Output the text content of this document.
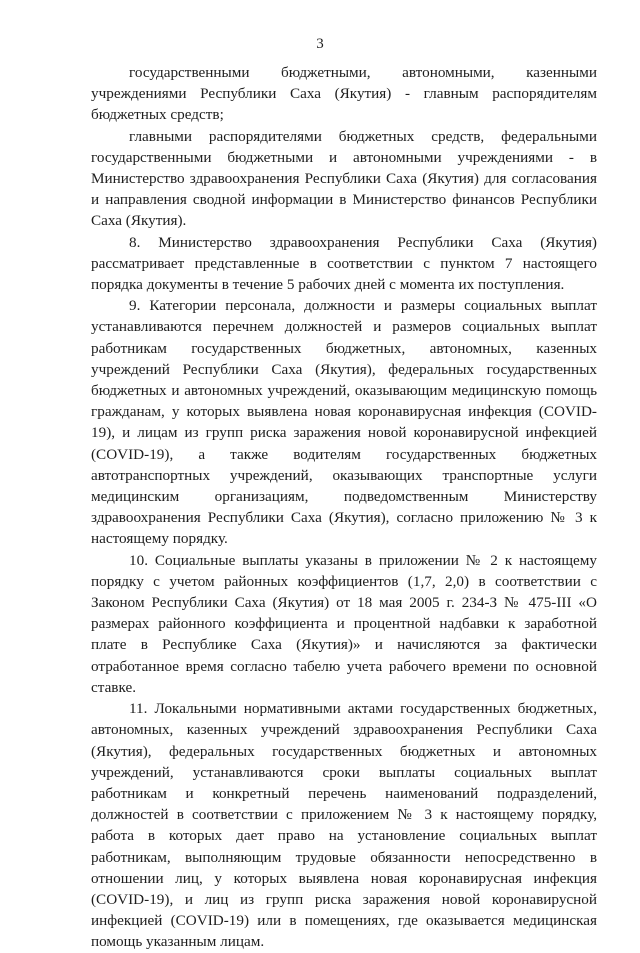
3

государственными бюджетными, автономными, казенными учреждениями Республики Саха (Якутия) - главным распорядителям бюджетных средств;

главными распорядителями бюджетных средств, федеральными государственными бюджетными и автономными учреждениями - в Министерство здравоохранения Республики Саха (Якутия) для согласования и направления сводной информации в Министерство финансов Республики Саха (Якутия).

8. Министерство здравоохранения Республики Саха (Якутия) рассматривает представленные в соответствии с пунктом 7 настоящего порядка документы в течение 5 рабочих дней с момента их поступления.

9. Категории персонала, должности и размеры социальных выплат устанавливаются перечнем должностей и размеров социальных выплат работникам государственных бюджетных, автономных, казенных учреждений Республики Саха (Якутия), федеральных государственных бюджетных и автономных учреждений, оказывающим медицинскую помощь гражданам, у которых выявлена новая коронавирусная инфекция (COVID-19), и лицам из групп риска заражения новой коронавирусной инфекцией (COVID-19), а также водителям государственных бюджетных автотранспортных учреждений, оказывающих транспортные услуги медицинским организациям, подведомственным Министерству здравоохранения Республики Саха (Якутия), согласно приложению № 3 к настоящему порядку.

10. Социальные выплаты указаны в приложении № 2 к настоящему порядку с учетом районных коэффициентов (1,7, 2,0) в соответствии с Законом Республики Саха (Якутия) от 18 мая 2005 г. 234-З № 475-III «О размерах районного коэффициента и процентной надбавки к заработной плате в Республике Саха (Якутия)» и начисляются за фактически отработанное время согласно табелю учета рабочего времени по основной ставке.

11. Локальными нормативными актами государственных бюджетных, автономных, казенных учреждений здравоохранения Республики Саха (Якутия), федеральных государственных бюджетных и автономных учреждений, устанавливаются сроки выплаты социальных выплат работникам и конкретный перечень наименований подразделений, должностей в соответствии с приложением № 3 к настоящему порядку, работа в которых дает право на установление социальных выплат работникам, выполняющим трудовые обязанности непосредственно в отношении лиц, у которых выявлена новая коронавирусная инфекция (COVID-19), и лиц из групп риска заражения новой коронавирусной инфекцией (COVID-19) или в помещениях, где оказывается медицинская помощь указанным лицам.
